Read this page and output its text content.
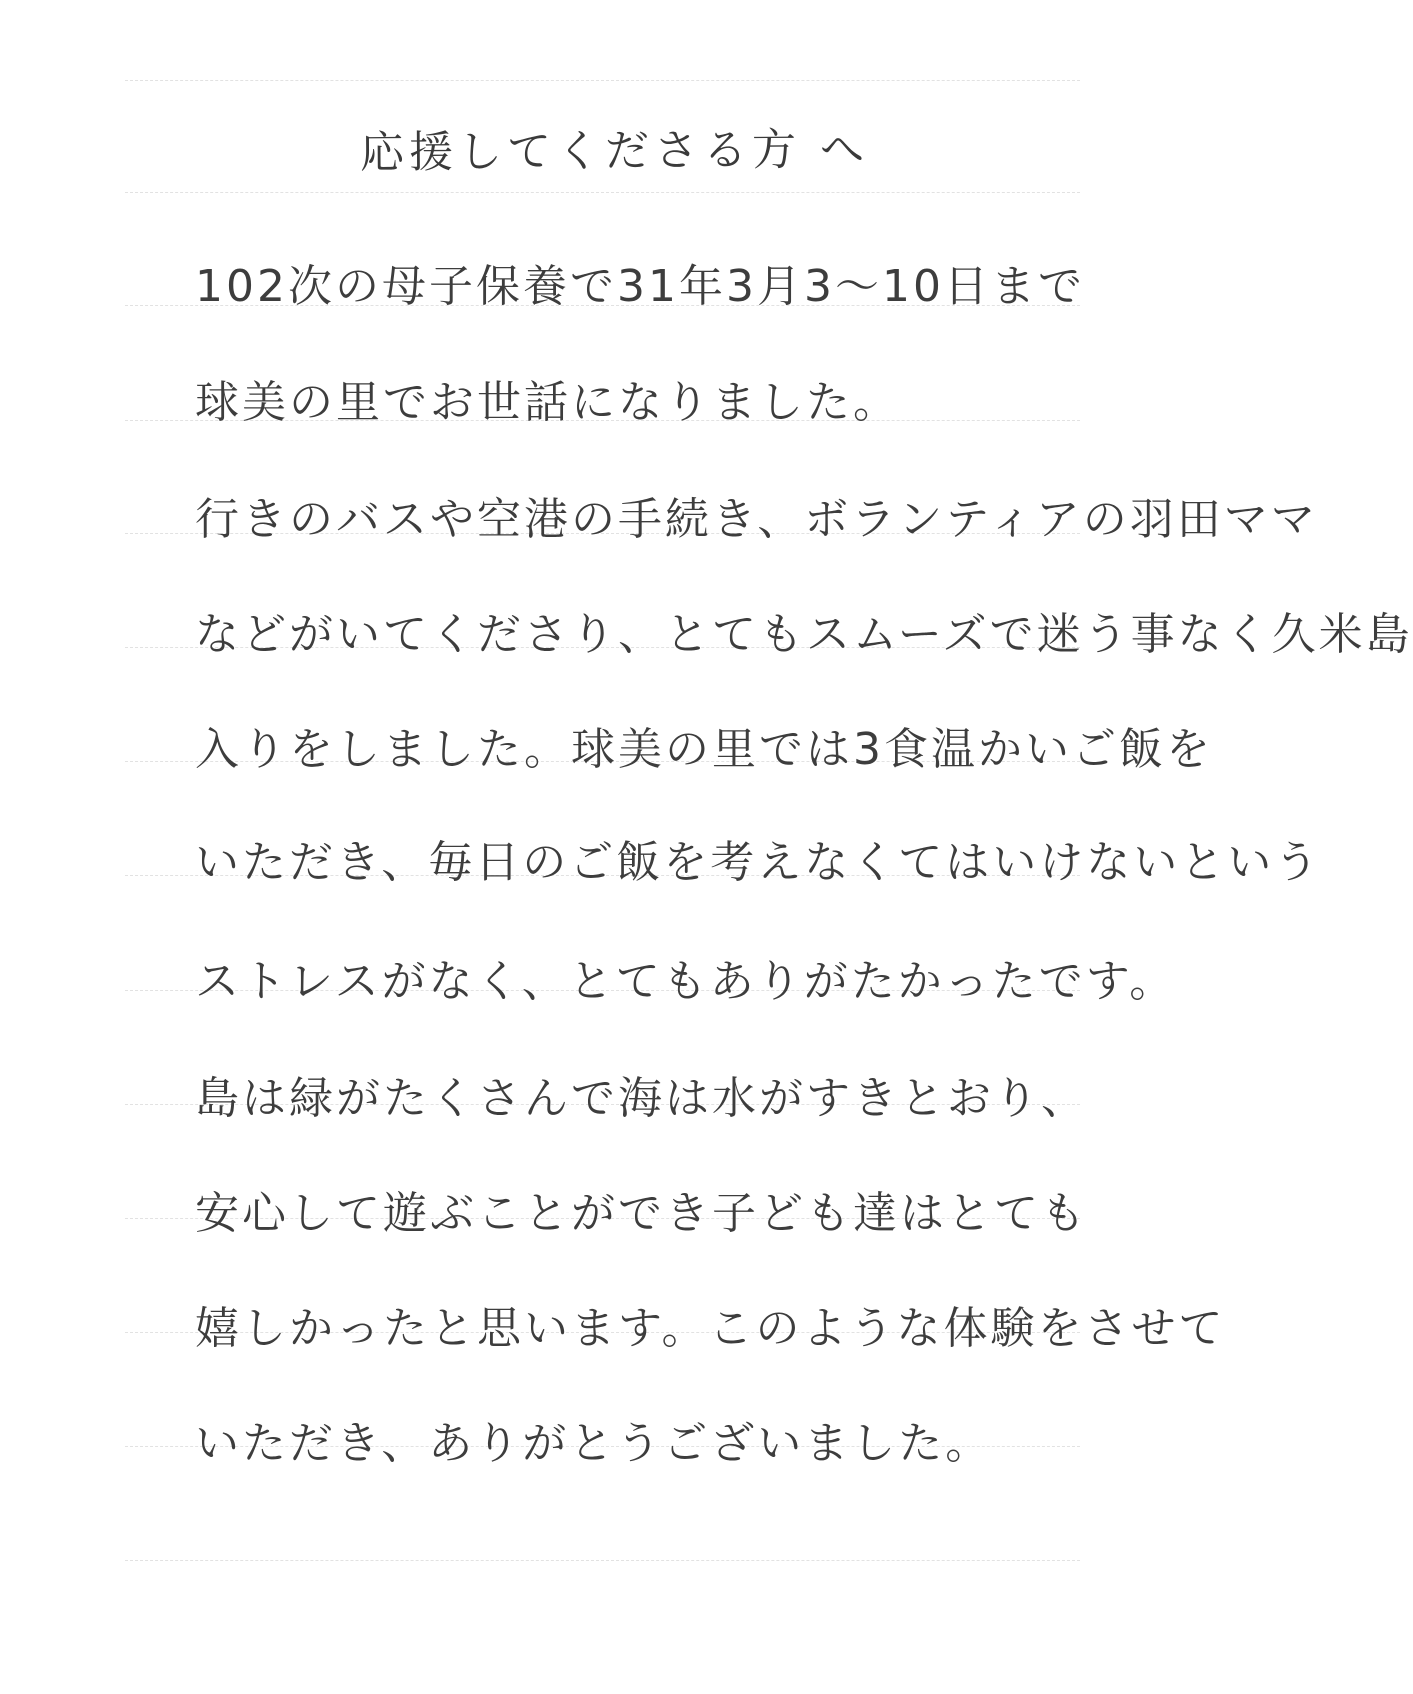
応援してくださる方 へ
102次の母子保養で31年3月3〜10日まで
球美の里でお世話になりました。
行きのバスや空港の手続き、ボランティアの羽田ママ
などがいてくださり、とてもスムーズで迷う事なく久米島
入りをしました。球美の里では3食温かいご飯を
いただき、毎日のご飯を考えなくてはいけないという
ストレスがなく、とてもありがたかったです。
島は緑がたくさんで海は水がすきとおり、
安心して遊ぶことができ子ども達はとても
嬉しかったと思います。このような体験をさせて
いただき、ありがとうございました。
